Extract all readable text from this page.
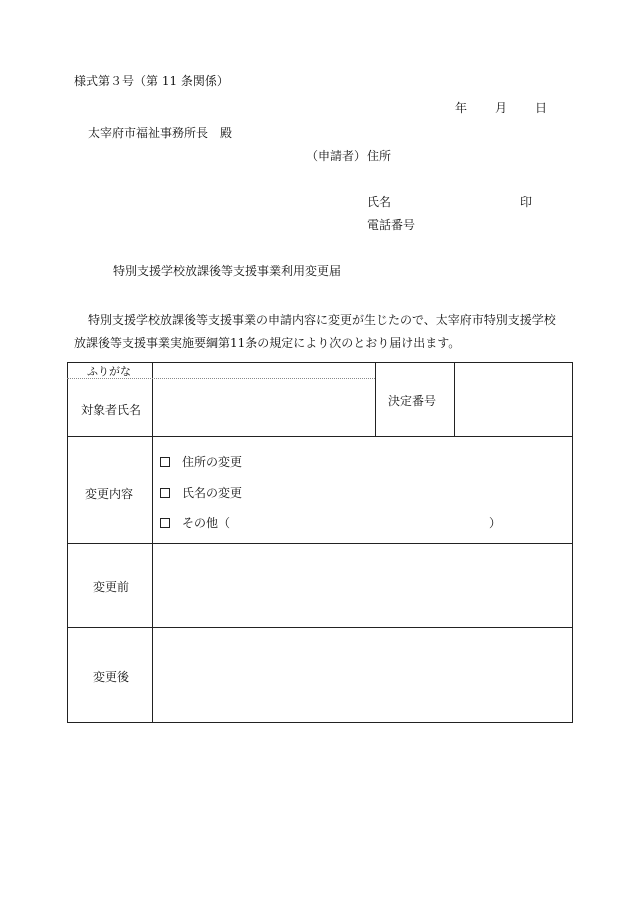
様式第３号（第 11 条関係）
年 月 日
太宰府市福祉事務所長　殿
（申請者） 住所
氏名	印
電話番号
特別支援学校放課後等支援事業利用変更届
特別支援学校放課後等支援事業の申請内容に変更が生じたので、太宰府市特別支援学校放課後等支援事業実施要綱第11条の規定により次のとおり届け出ます。
ふりがな
対象者氏名
決定番号
変更内容
住所の変更
氏名の変更
その他（	）
変更前
変更後
